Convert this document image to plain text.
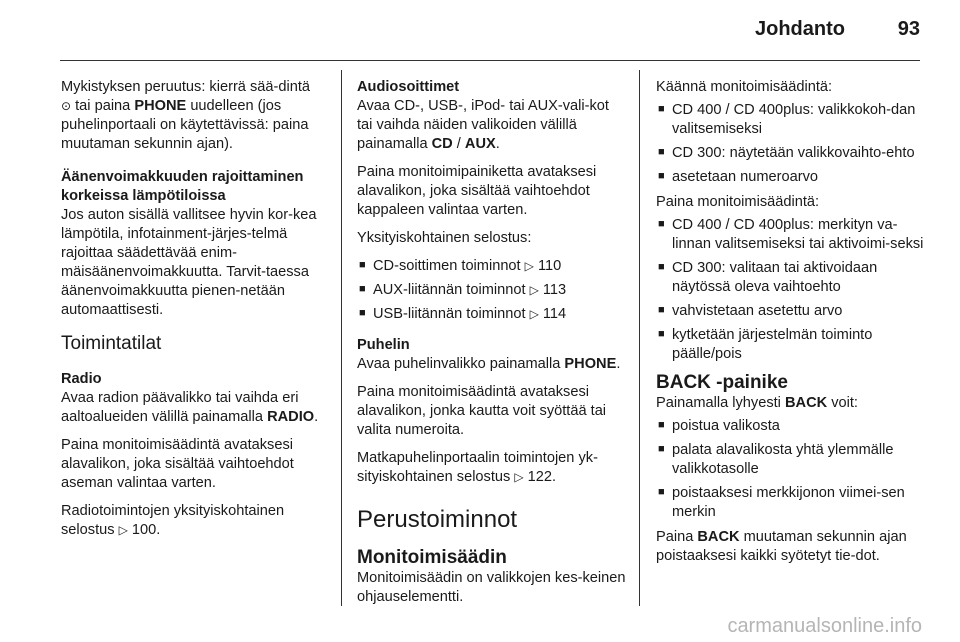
Johdanto	93

Mykistyksen peruutus: kierrä sää-dintä ⊙ tai paina PHONE uudelleen (jos puhelinportaali on käytettävissä: paina muutaman sekunnin ajan).

Äänenvoimakkuuden rajoittaminen korkeissa lämpötiloissa

Jos auton sisällä vallitsee hyvin kor-kea lämpötila, infotainment-järjes-telmä rajoittaa säädettävää enim-mäisäänenvoimakkuutta. Tarvit-taessa äänenvoimakkuutta pienen-netään automaattisesti.

Toimintatilat
Radio

Avaa radion päävalikko tai vaihda eri aaltoalueiden välillä painamalla RADIO.

Paina monitoimisäädintä avataksesi alavalikon, joka sisältää vaihtoehdot aseman valintaa varten.

Radiotoimintojen yksityiskohtainen selostus ▷ 100.

Audiosoittimet

Avaa CD-, USB-, iPod- tai AUX-vali-kot tai vaihda näiden valikoiden välillä painamalla CD / AUX.

Paina monitoimipainiketta avataksesi alavalikon, joka sisältää vaihtoehdot kappaleen valintaa varten.

Yksityiskohtainen selostus:

■ CD-soittimen toiminnot ▷ 110
■ AUX-liitännän toiminnot ▷ 113
■ USB-liitännän toiminnot ▷ 114
Puhelin

Avaa puhelinvalikko painamalla PHONE.

Paina monitoimisäädintä avataksesi alavalikon, jonka kautta voit syöttää tai valita numeroita.

Matkapuhelinportaalin toimintojen yk-sityiskohtainen selostus ▷ 122.

Perustoiminnot
Monitoimisäädin

Monitoimisäädin on valikkojen kes-keinen ohjauselementti.

Käännä monitoimisäädintä:

■ CD 400 / CD 400plus: valikkokoh-dan valitsemiseksi
■ CD 300: näytetään valikkovaihto-ehto
■ asetetaan numeroarvo

Paina monitoimisäädintä:

■ CD 400 / CD 400plus: merkityn va-linnan valitsemiseksi tai aktivoimi-seksi
■ CD 300: valitaan tai aktivoidaan näytössä oleva vaihtoehto
■ vahvistetaan asetettu arvo
■ kytketään järjestelmän toiminto päälle/pois
BACK -painike

Painamalla lyhyesti BACK voit:

■ poistua valikosta
■ palata alavalikosta yhtä ylemmälle valikkotasolle
■ poistaaksesi merkkijonon viimei-sen merkin

Paina BACK muutaman sekunnin ajan poistaaksesi kaikki syötetyt tie-dot.

carmanualsonline.info
